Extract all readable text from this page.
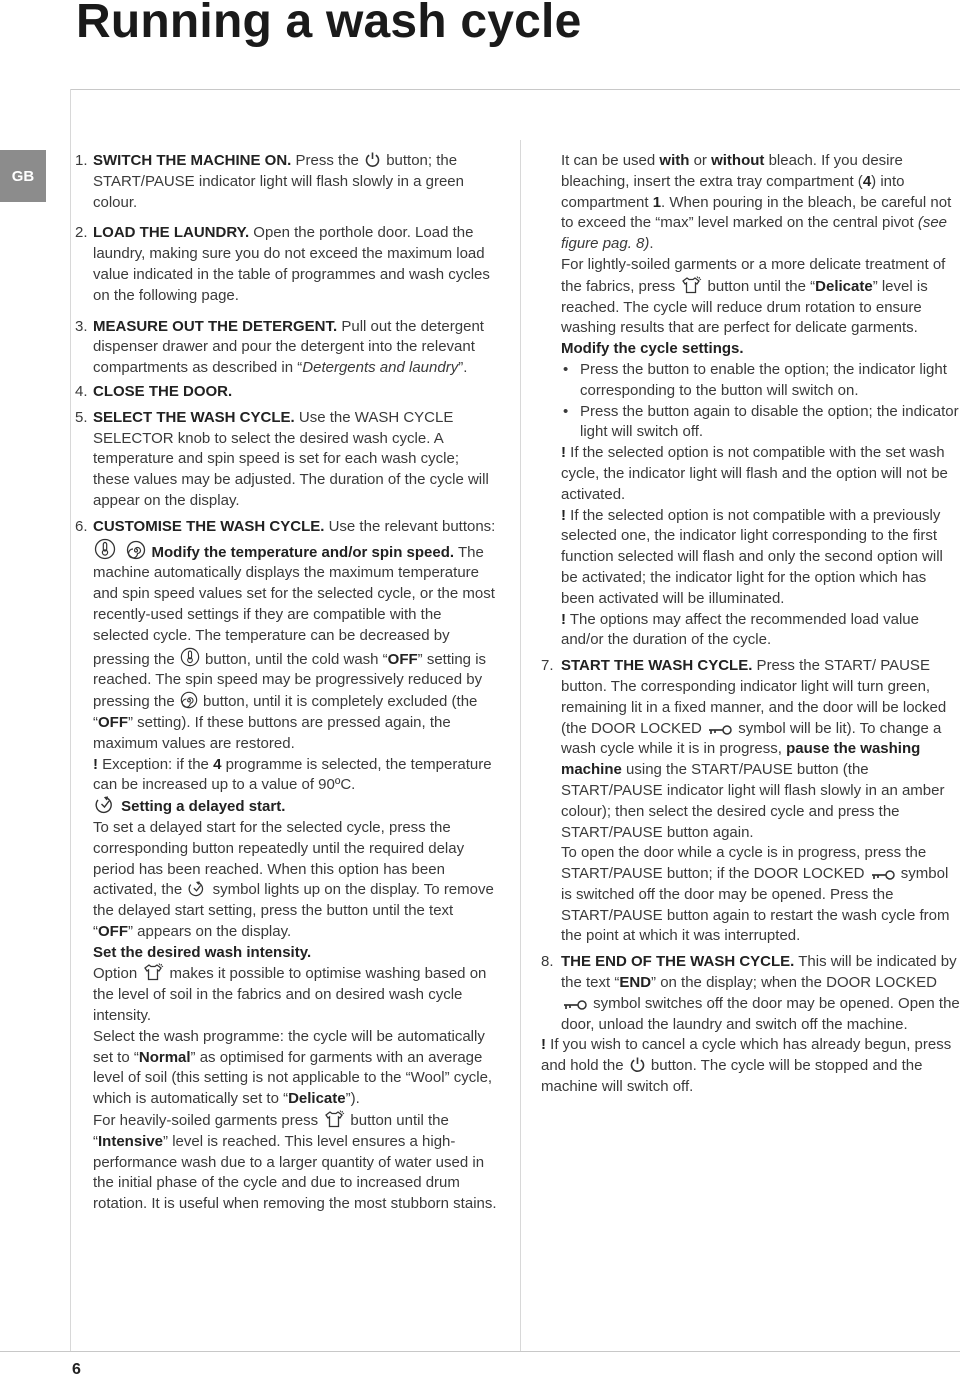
Running a wash cycle
GB
6
1. SWITCH THE MACHINE ON. Press the
button; the START/PAUSE indicator light will flash slowly in a green colour.
2. LOAD THE LAUNDRY. Open the porthole door. Load the laundry, making sure you do not exceed the maximum load value indicated in the table of programmes and wash cycles on the following page.
3. MEASURE OUT THE DETERGENT. Pull out the detergent dispenser drawer and pour the detergent into the relevant compartments as described in “Detergents and laundry”.
4. CLOSE THE DOOR.
5. SELECT THE WASH CYCLE. Use the WASH CYCLE SELECTOR knob to select the desired wash cycle. A temperature and spin speed is set for each wash cycle; these values may be adjusted. The duration of the cycle will appear on the display.
6. CUSTOMISE THE WASH CYCLE. Use the relevant buttons:

Modify the temperature and/or spin speed. The machine automatically displays the maximum temperature and spin speed values set for the selected cycle, or the most recently-used settings if they are compatible with the selected cycle. The temperature can be decreased by pressing the
button, until the cold wash “OFF” setting is reached. The spin speed may be progressively reduced by pressing the
button, until it is completely excluded (the “OFF” setting). If these buttons are pressed again, the maximum values are restored.
! Exception: if the 4 programme is selected, the temperature can be increased up to a value of 90ºC.

Setting a delayed start.
To set a delayed start for the selected cycle, press the corresponding button repeatedly until the required delay period has been reached. When this option has been activated, the
symbol lights up on the display. To remove the delayed start setting, press the button until the text “OFF” appears on the display.

Set the desired wash intensity.
Option
makes it possible to optimise washing based on the level of soil in the fabrics and on desired wash cycle intensity.
Select the wash programme: the cycle will be automatically set to “Normal” as optimised for garments with an average level of soil (this setting is not applicable to the “Wool” cycle, which is automatically set to “Delicate”).
For heavily-soiled garments press
button until the “Intensive” level is reached. This level ensures a high-performance wash due to a larger quantity of water used in the initial phase of the cycle and due to increased drum rotation. It is useful when removing the most stubborn stains.

It can be used with or without bleach. If you desire bleaching, insert the extra tray compartment (4) into compartment 1. When pouring in the bleach, be careful not to exceed the “max” level marked on the central pivot (see figure pag. 8).
For lightly-soiled garments or a more delicate treatment of the fabrics, press
button until the “Delicate” level is reached. The cycle will reduce drum rotation to ensure washing results that are perfect for delicate garments.

Modify the cycle settings.

• Press the button to enable the option; the indicator light corresponding to the button will switch on.
• Press the button again to disable the option; the indicator light will switch off.

! If the selected option is not compatible with the set wash cycle, the indicator light will flash and the option will not be activated.

! If the selected option is not compatible with a previously selected one, the indicator light corresponding to the first function selected will flash and only the second option will be activated; the indicator light for the option which has been activated will be illuminated.

! The options may affect the recommended load value and/or the duration of the cycle.

7. START THE WASH CYCLE. Press the START/ PAUSE button. The corresponding indicator light will turn green, remaining lit in a fixed manner, and the door will be locked (the DOOR LOCKED
symbol will be lit). To change a wash cycle while it is in progress, pause the washing machine using the START/PAUSE button (the START/PAUSE indicator light will flash slowly in an amber colour); then select the desired cycle and press the START/PAUSE button again.
To open the door while a cycle is in progress, press the START/PAUSE button; if the DOOR LOCKED
symbol is switched off the door may be opened. Press the START/PAUSE button again to restart the wash cycle from the point at which it was interrupted.
8. THE END OF THE WASH CYCLE. This will be indicated by the text “END” on the display; when the DOOR LOCKED
symbol switches off the door may be opened. Open the door, unload the laundry and switch off the machine.

! If you wish to cancel a cycle which has already begun, press and hold the
button. The cycle will be stopped and the machine will switch off.
